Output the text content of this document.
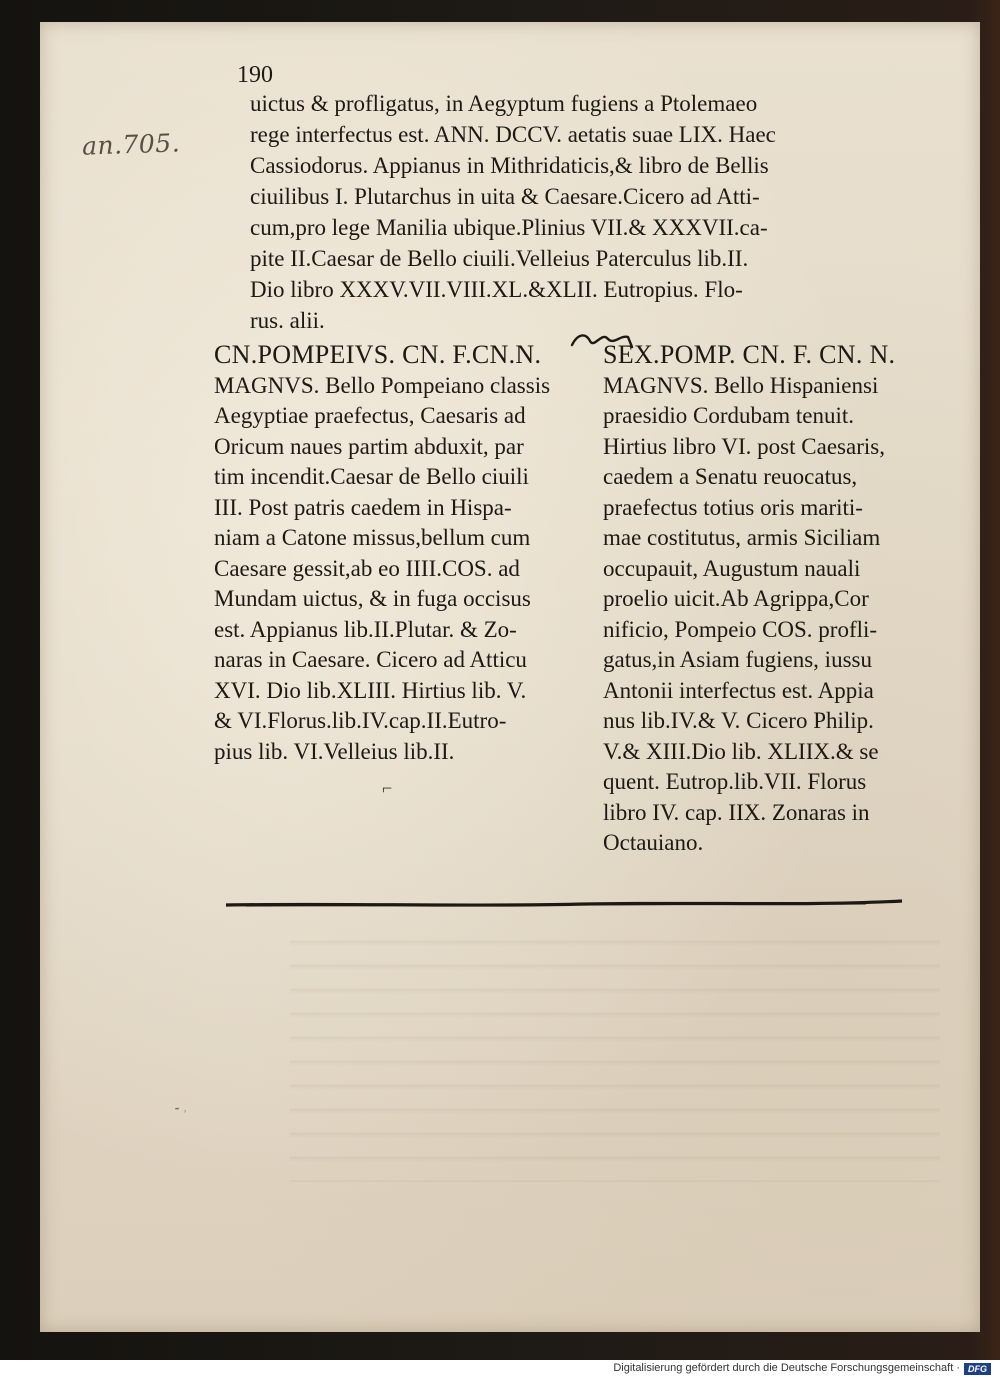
190
an.705.
uictus & profligatus, in Aegyptum fugiens a Ptolemaeo
rege interfectus est. ANN. DCCV. aetatis suae LIX. Haec
Cassiodorus. Appianus in Mithridaticis,& libro de Bellis
ciuilibus I. Plutarchus in uita & Caesare.Cicero ad Atti-
cum,pro lege Manilia ubique.Plinius VII.& XXXVII.ca-
pite II.Caesar de Bello ciuili.Velleius Paterculus lib.II.
Dio libro XXXV.VII.VIII.XL.&XLII. Eutropius. Flo-
rus. alii.
CN.POMPEIVS. CN. F.CN.N.
MAGNVS. Bello Pompeiano classis
Aegyptiae praefectus, Caesaris ad
Oricum naues partim abduxit, par
tim incendit.Caesar de Bello ciuili
III. Post patris caedem in Hispa-
niam a Catone missus,bellum cum
Caesare gessit,ab eo IIII.COS. ad
Mundam uictus, & in fuga occisus
est. Appianus lib.II.Plutar. & Zo-
naras in Caesare. Cicero ad Atticu
XVI. Dio lib.XLIII. Hirtius lib. V.
& VI.Florus.lib.IV.cap.II.Eutro-
pius lib. VI.Velleius lib.II.
SEX.POMP. CN. F. CN. N.
MAGNVS. Bello Hispaniensi
praesidio Cordubam tenuit.
Hirtius libro VI. post Caesaris,
caedem a Senatu reuocatus,
praefectus totius oris mariti-
mae costitutus, armis Siciliam
occupauit, Augustum nauali
proelio uicit.Ab Agrippa,Cor
nificio, Pompeio COS. profli-
gatus,in Asiam fugiens, iussu
Antonii interfectus est. Appia
nus lib.IV.& V. Cicero Philip.
V.& XIII.Dio lib. XLIIX.& se
quent. Eutrop.lib.VII. Florus
libro IV. cap. IIX. Zonaras in
Octauiano.
⌐
⁃ ˒
Digitalisierung gefördert durch die Deutsche Forschungsgemeinschaft · DFG
